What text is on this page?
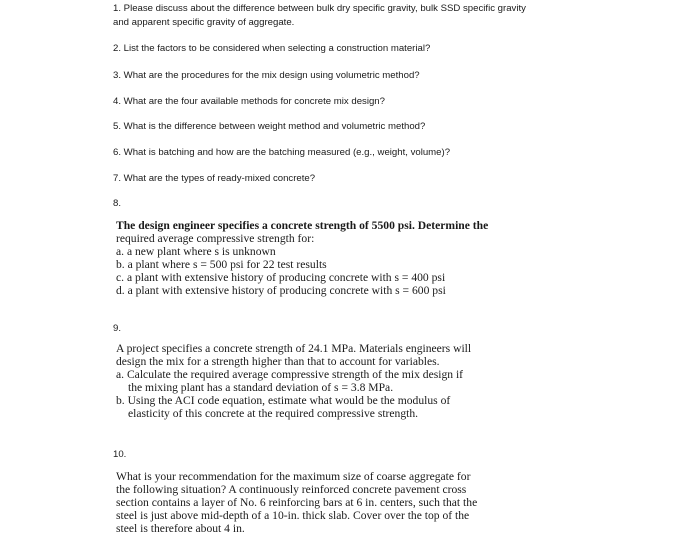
1. Please discuss about the difference between bulk dry specific gravity, bulk SSD specific gravity
and apparent specific gravity of aggregate.
2. List the factors to be considered when selecting a construction material?
3. What are the procedures for the mix design using volumetric method?
4. What are the four available methods for concrete mix design?
5. What is the difference between weight method and volumetric method?
6. What is batching and how are the batching measured (e.g., weight, volume)?
7. What are the types of ready-mixed concrete?
8.

The design engineer specifies a concrete strength of 5500 psi. Determine the

required average compressive strength for:

a. a new plant where s is unknown

b. a plant where s = 500 psi for 22 test results

c. a plant with extensive history of producing concrete with s = 400 psi

d. a plant with extensive history of producing concrete with s = 600 psi

9.

A project specifies a concrete strength of 24.1 MPa. Materials engineers will

design the mix for a strength higher than that to account for variables.

a. Calculate the required average compressive strength of the mix design if

the mixing plant has a standard deviation of s = 3.8 MPa.

b. Using the ACI code equation, estimate what would be the modulus of

elasticity of this concrete at the required compressive strength.

10.

What is your recommendation for the maximum size of coarse aggregate for

the following situation? A continuously reinforced concrete pavement cross

section contains a layer of No. 6 reinforcing bars at 6 in. centers, such that the

steel is just above mid-depth of a 10-in. thick slab. Cover over the top of the

steel is therefore about 4 in.
